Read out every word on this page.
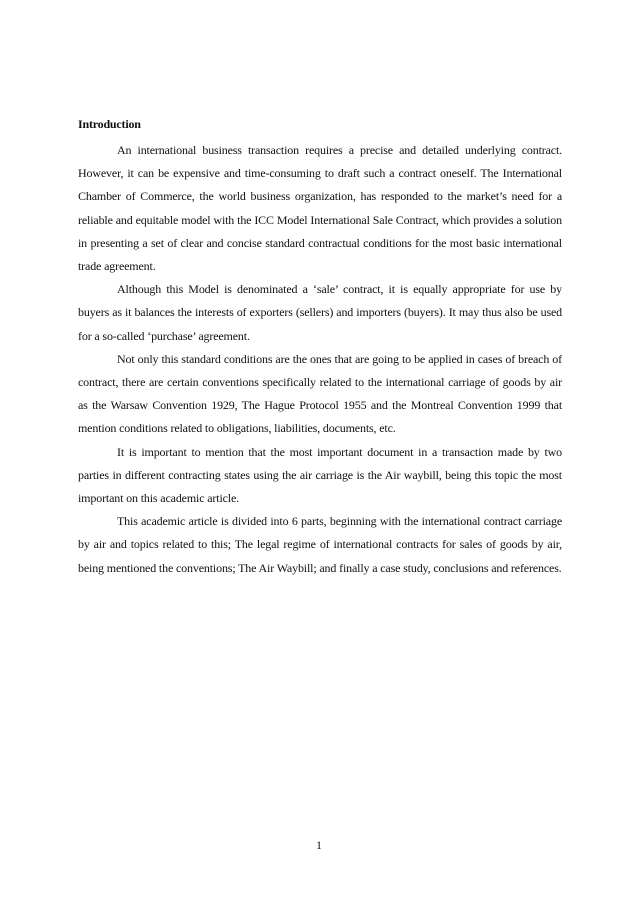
Introduction

An international business transaction requires a precise and detailed underlying contract. However, it can be expensive and time-consuming to draft such a contract oneself. The International Chamber of Commerce, the world business organization, has responded to the market’s need for a reliable and equitable model with the ICC Model International Sale Contract, which provides a solution in presenting a set of clear and concise standard contractual conditions for the most basic international trade agreement.

Although this Model is denominated a ‘sale’ contract, it is equally appropriate for use by buyers as it balances the interests of exporters (sellers) and importers (buyers). It may thus also be used for a so-called ‘purchase’ agreement.

Not only this standard conditions are the ones that are going to be applied in cases of breach of contract, there are certain conventions specifically related to the international carriage of goods by air as the Warsaw Convention 1929, The Hague Protocol 1955 and the Montreal Convention 1999 that mention conditions related to obligations, liabilities, documents, etc.

It is important to mention that the most important document in a transaction made by two parties in different contracting states using the air carriage is the Air waybill, being this topic the most important on this academic article.

This academic article is divided into 6 parts, beginning with the international contract carriage by air and topics related to this; The legal regime of international contracts for sales of goods by air, being mentioned the conventions; The Air Waybill; and finally a case study, conclusions and references.

1
